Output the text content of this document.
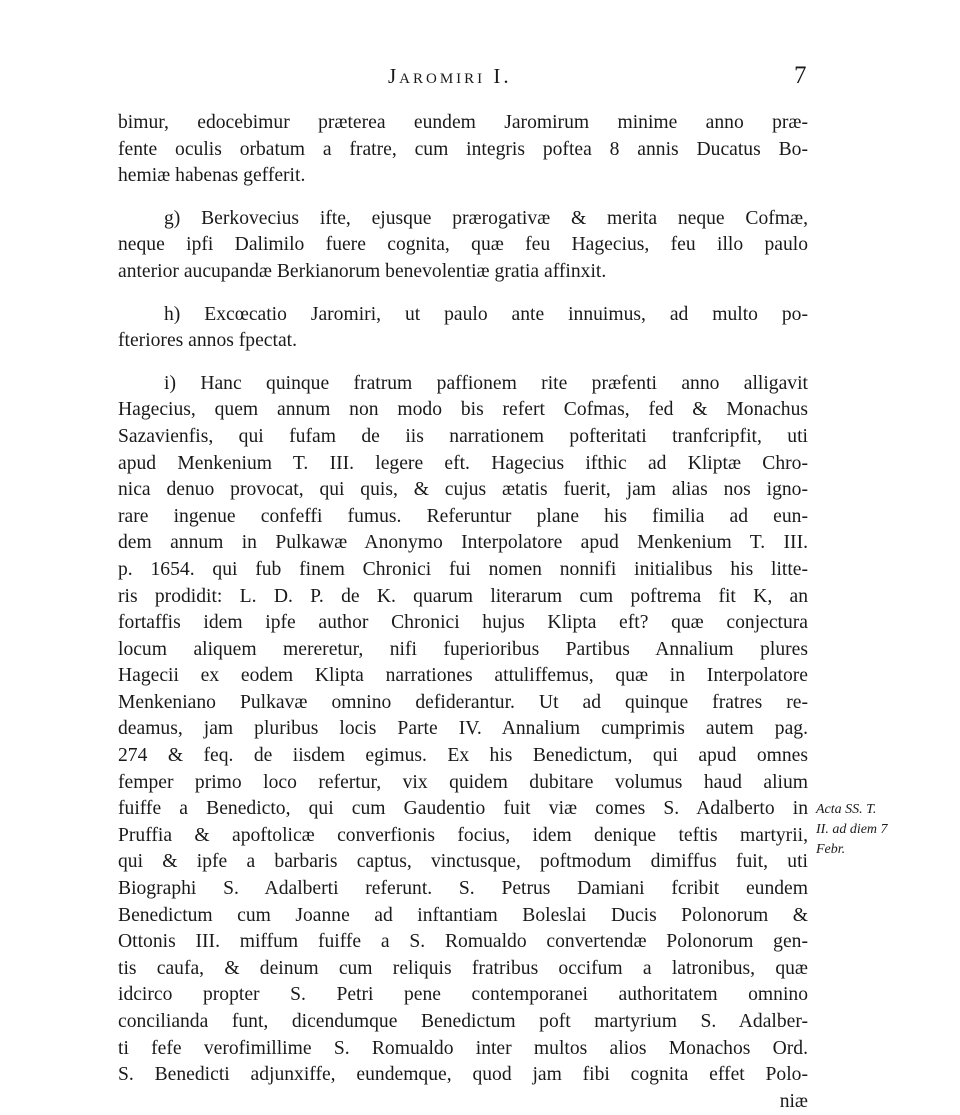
Jaromiri I.	7
bimur, edocebimur præterea eundem Jaromirum minime anno præ-
fente oculis orbatum a fratre, cum integris poftea 8 annis Ducatus Bo-
hemiæ habenas gefferit.
g) Berkovecius ifte, ejusque prærogativæ & merita neque Cofmæ,
neque ipfi Dalimilo fuere cognita, quæ feu Hagecius, feu illo paulo
anterior aucupandæ Berkianorum benevolentiæ gratia affinxit.
h) Excœcatio Jaromiri, ut paulo ante innuimus, ad multo po-
fteriores annos fpectat.
i) Hanc quinque fratrum paffionem rite præfenti anno alligavit
Hagecius, quem annum non modo bis refert Cofmas, fed & Monachus
Sazavienfis, qui fufam de iis narrationem pofteritati tranfcripfit, uti
apud Menkenium T. III. legere eft. Hagecius ifthic ad Kliptæ Chro-
nica denuo provocat, qui quis, & cujus ætatis fuerit, jam alias nos igno-
rare ingenue confeffi fumus. Referuntur plane his fimilia ad eun-
dem annum in Pulkawæ Anonymo Interpolatore apud Menkenium T. III.
p. 1654. qui fub finem Chronici fui nomen nonnifi initialibus his litte-
ris prodidit: L. D. P. de K. quarum literarum cum poftrema fit K, an
fortaffis idem ipfe author Chronici hujus Klipta eft? quæ conjectura
locum aliquem mereretur, nifi fuperioribus Partibus Annalium plures
Hagecii ex eodem Klipta narrationes attuliffemus, quæ in Interpolatore
Menkeniano Pulkavæ omnino defiderantur. Ut ad quinque fratres re-
deamus, jam pluribus locis Parte IV. Annalium cumprimis autem pag.
274 & feq. de iisdem egimus. Ex his Benedictum, qui apud omnes
femper primo loco refertur, vix quidem dubitare volumus haud alium
fuiffe a Benedicto, qui cum Gaudentio fuit viæ comes S. Adalberto in
Pruffia & apoftolicæ converfionis focius, idem denique teftis martyrii,
qui & ipfe a barbaris captus, vinctusque, poftmodum dimiffus fuit, uti
Biographi S. Adalberti referunt. S. Petrus Damiani fcribit eundem
Benedictum cum Joanne ad inftantiam Boleslai Ducis Polonorum &
Ottonis III. miffum fuiffe a S. Romualdo convertendæ Polonorum gen-
tis caufa, & deinum cum reliquis fratribus occifum a latronibus, quæ
idcirco propter S. Petri pene contemporanei authoritatem omnino
concilianda funt, dicendumque Benedictum poft martyrium S. Adalber-
ti fefe verofimillime S. Romualdo inter multos alios Monachos Ord.
S. Benedicti adjunxiffe, eundemque, quod jam fibi cognita effet Polo-
niæ
Acta SS. T.
II. ad diem 7
Febr.
